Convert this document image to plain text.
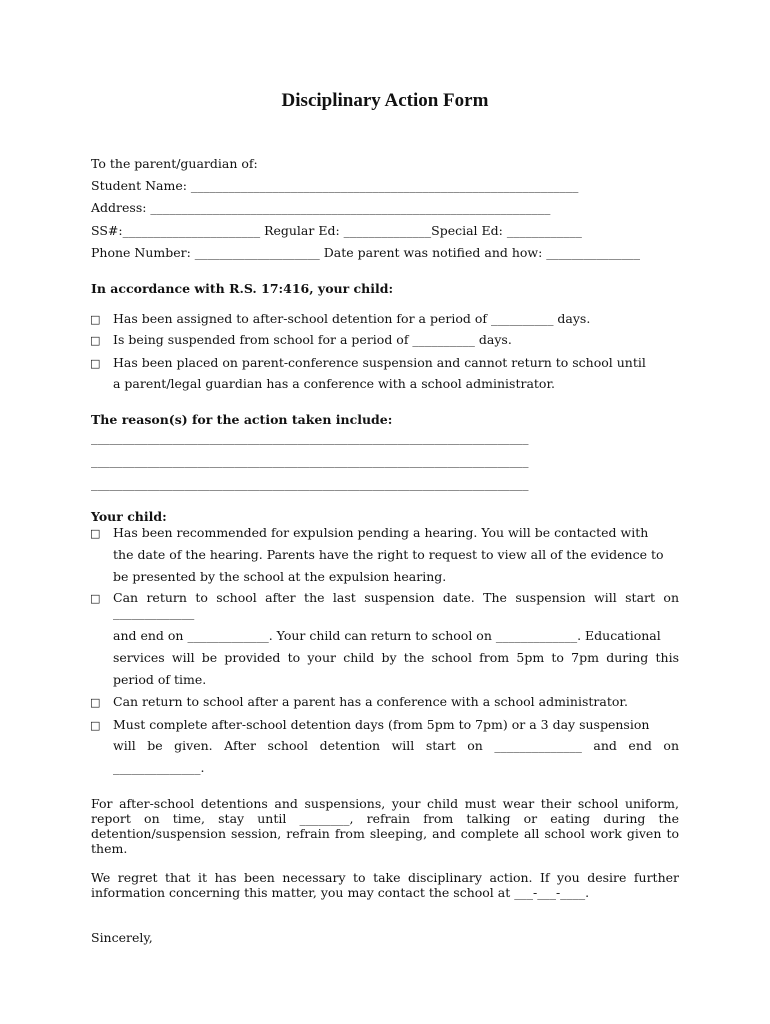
Disciplinary Action Form
To the parent/guardian of:
Student Name: ______________________________________________________________
Address: ________________________________________________________________
SS#:______________________ Regular Ed: ______________Special Ed: ____________
Phone Number: ____________________ Date parent was notified and how: _______________
In accordance with R.S. 17:416, your child:
□ Has been assigned to after-school detention for a period of __________ days.
□ Is being suspended from school for a period of __________ days.
□ Has been placed on parent-conference suspension and cannot return to school until
a parent/legal guardian has a conference with a school administrator.
The reason(s) for the action taken include:
______________________________________________________________________
______________________________________________________________________
______________________________________________________________________
Your child:
□ Has been recommended for expulsion pending a hearing. You will be contacted with
the date of the hearing. Parents have the right to request to view all of the evidence to
be presented by the school at the expulsion hearing.
□ Can return to school after the last suspension date. The suspension will start on
_____________
and end on _____________. Your child can return to school on _____________. Educational
services will be provided to your child by the school from 5pm to 7pm during this
period of time.
□ Can return to school after a parent has a conference with a school administrator.
□ Must complete after-school detention days (from 5pm to 7pm) or a 3 day suspension
will be given. After school detention will start on ______________ and end on
______________.
For after-school detentions and suspensions, your child must wear their school uniform, report on time, stay until ________, refrain from talking or eating during the detention/suspension session, refrain from sleeping, and complete all school work given to them.
We regret that it has been necessary to take disciplinary action. If you desire further information concerning this matter, you may contact the school at ___-___-____.
Sincerely,
